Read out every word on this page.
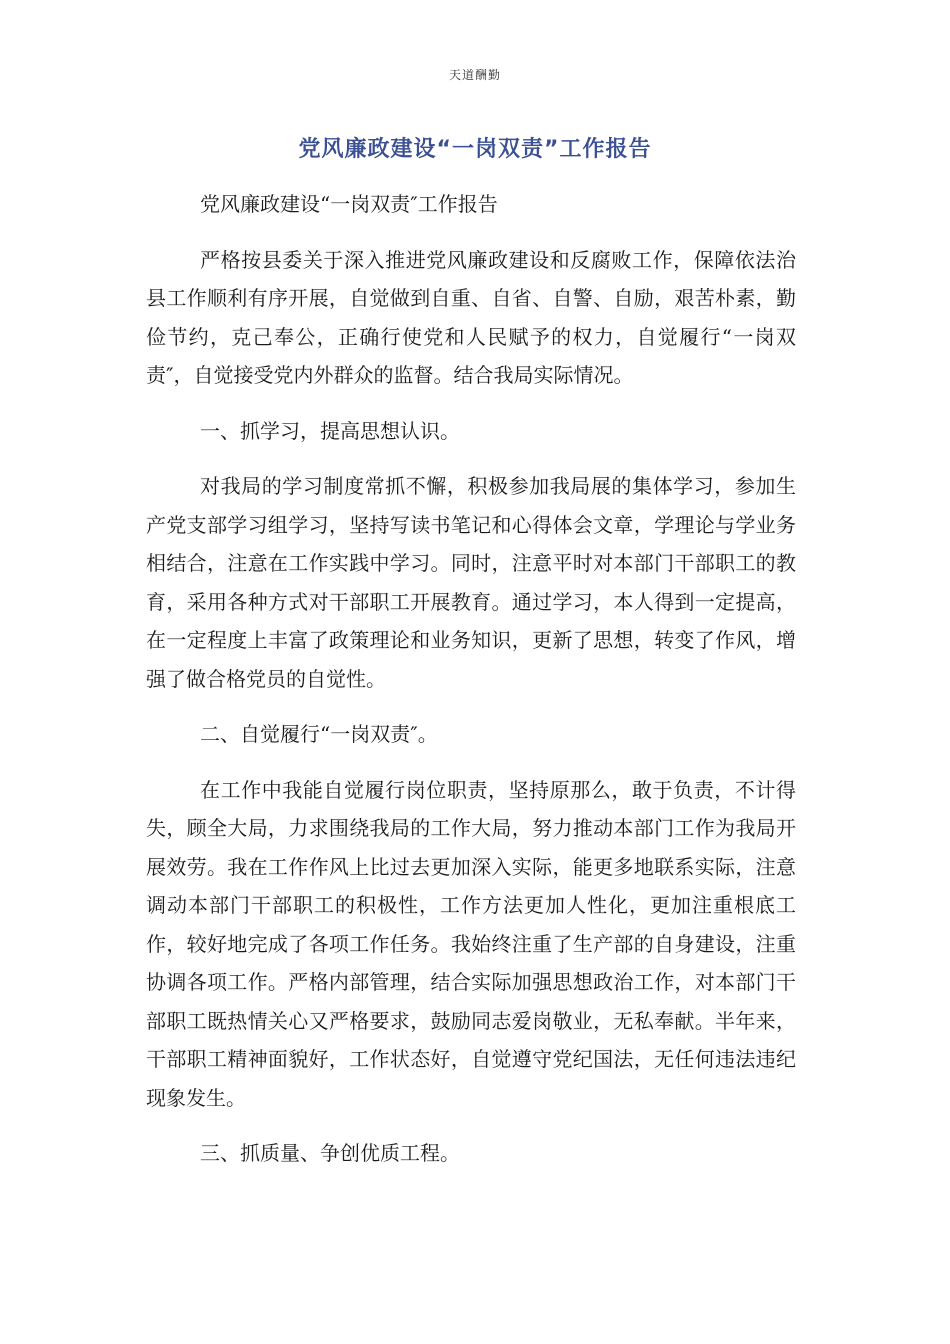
天道酬勤
党风廉政建设“一岗双责”工作报告

党风廉政建设“一岗双责″工作报告

严格按县委关于深入推进党风廉政建设和反腐败工作，保障依法治县工作顺利有序开展，自觉做到自重、自省、自警、自励，艰苦朴素，勤俭节约，克己奉公，正确行使党和人民赋予的权力，自觉履行“一岗双责″，自觉接受党内外群众的监督。结合我局实际情况。

一、抓学习，提高思想认识。

对我局的学习制度常抓不懈，积极参加我局展的集体学习，参加生产党支部学习组学习，坚持写读书笔记和心得体会文章，学理论与学业务相结合，注意在工作实践中学习。同时，注意平时对本部门干部职工的教育，采用各种方式对干部职工开展教育。通过学习，本人得到一定提高，在一定程度上丰富了政策理论和业务知识，更新了思想，转变了作风，增强了做合格党员的自觉性。

二、自觉履行“一岗双责″。

在工作中我能自觉履行岗位职责，坚持原那么，敢于负责，不计得失，顾全大局，力求围绕我局的工作大局，努力推动本部门工作为我局开展效劳。我在工作作风上比过去更加深入实际，能更多地联系实际，注意调动本部门干部职工的积极性，工作方法更加人性化，更加注重根底工作，较好地完成了各项工作任务。我始终注重了生产部的自身建设，注重协调各项工作。严格内部管理，结合实际加强思想政治工作，对本部门干部职工既热情关心又严格要求，鼓励同志爱岗敬业，无私奉献。半年来，干部职工精神面貌好，工作状态好，自觉遵守党纪国法，无任何违法违纪现象发生。

三、抓质量、争创优质工程。
